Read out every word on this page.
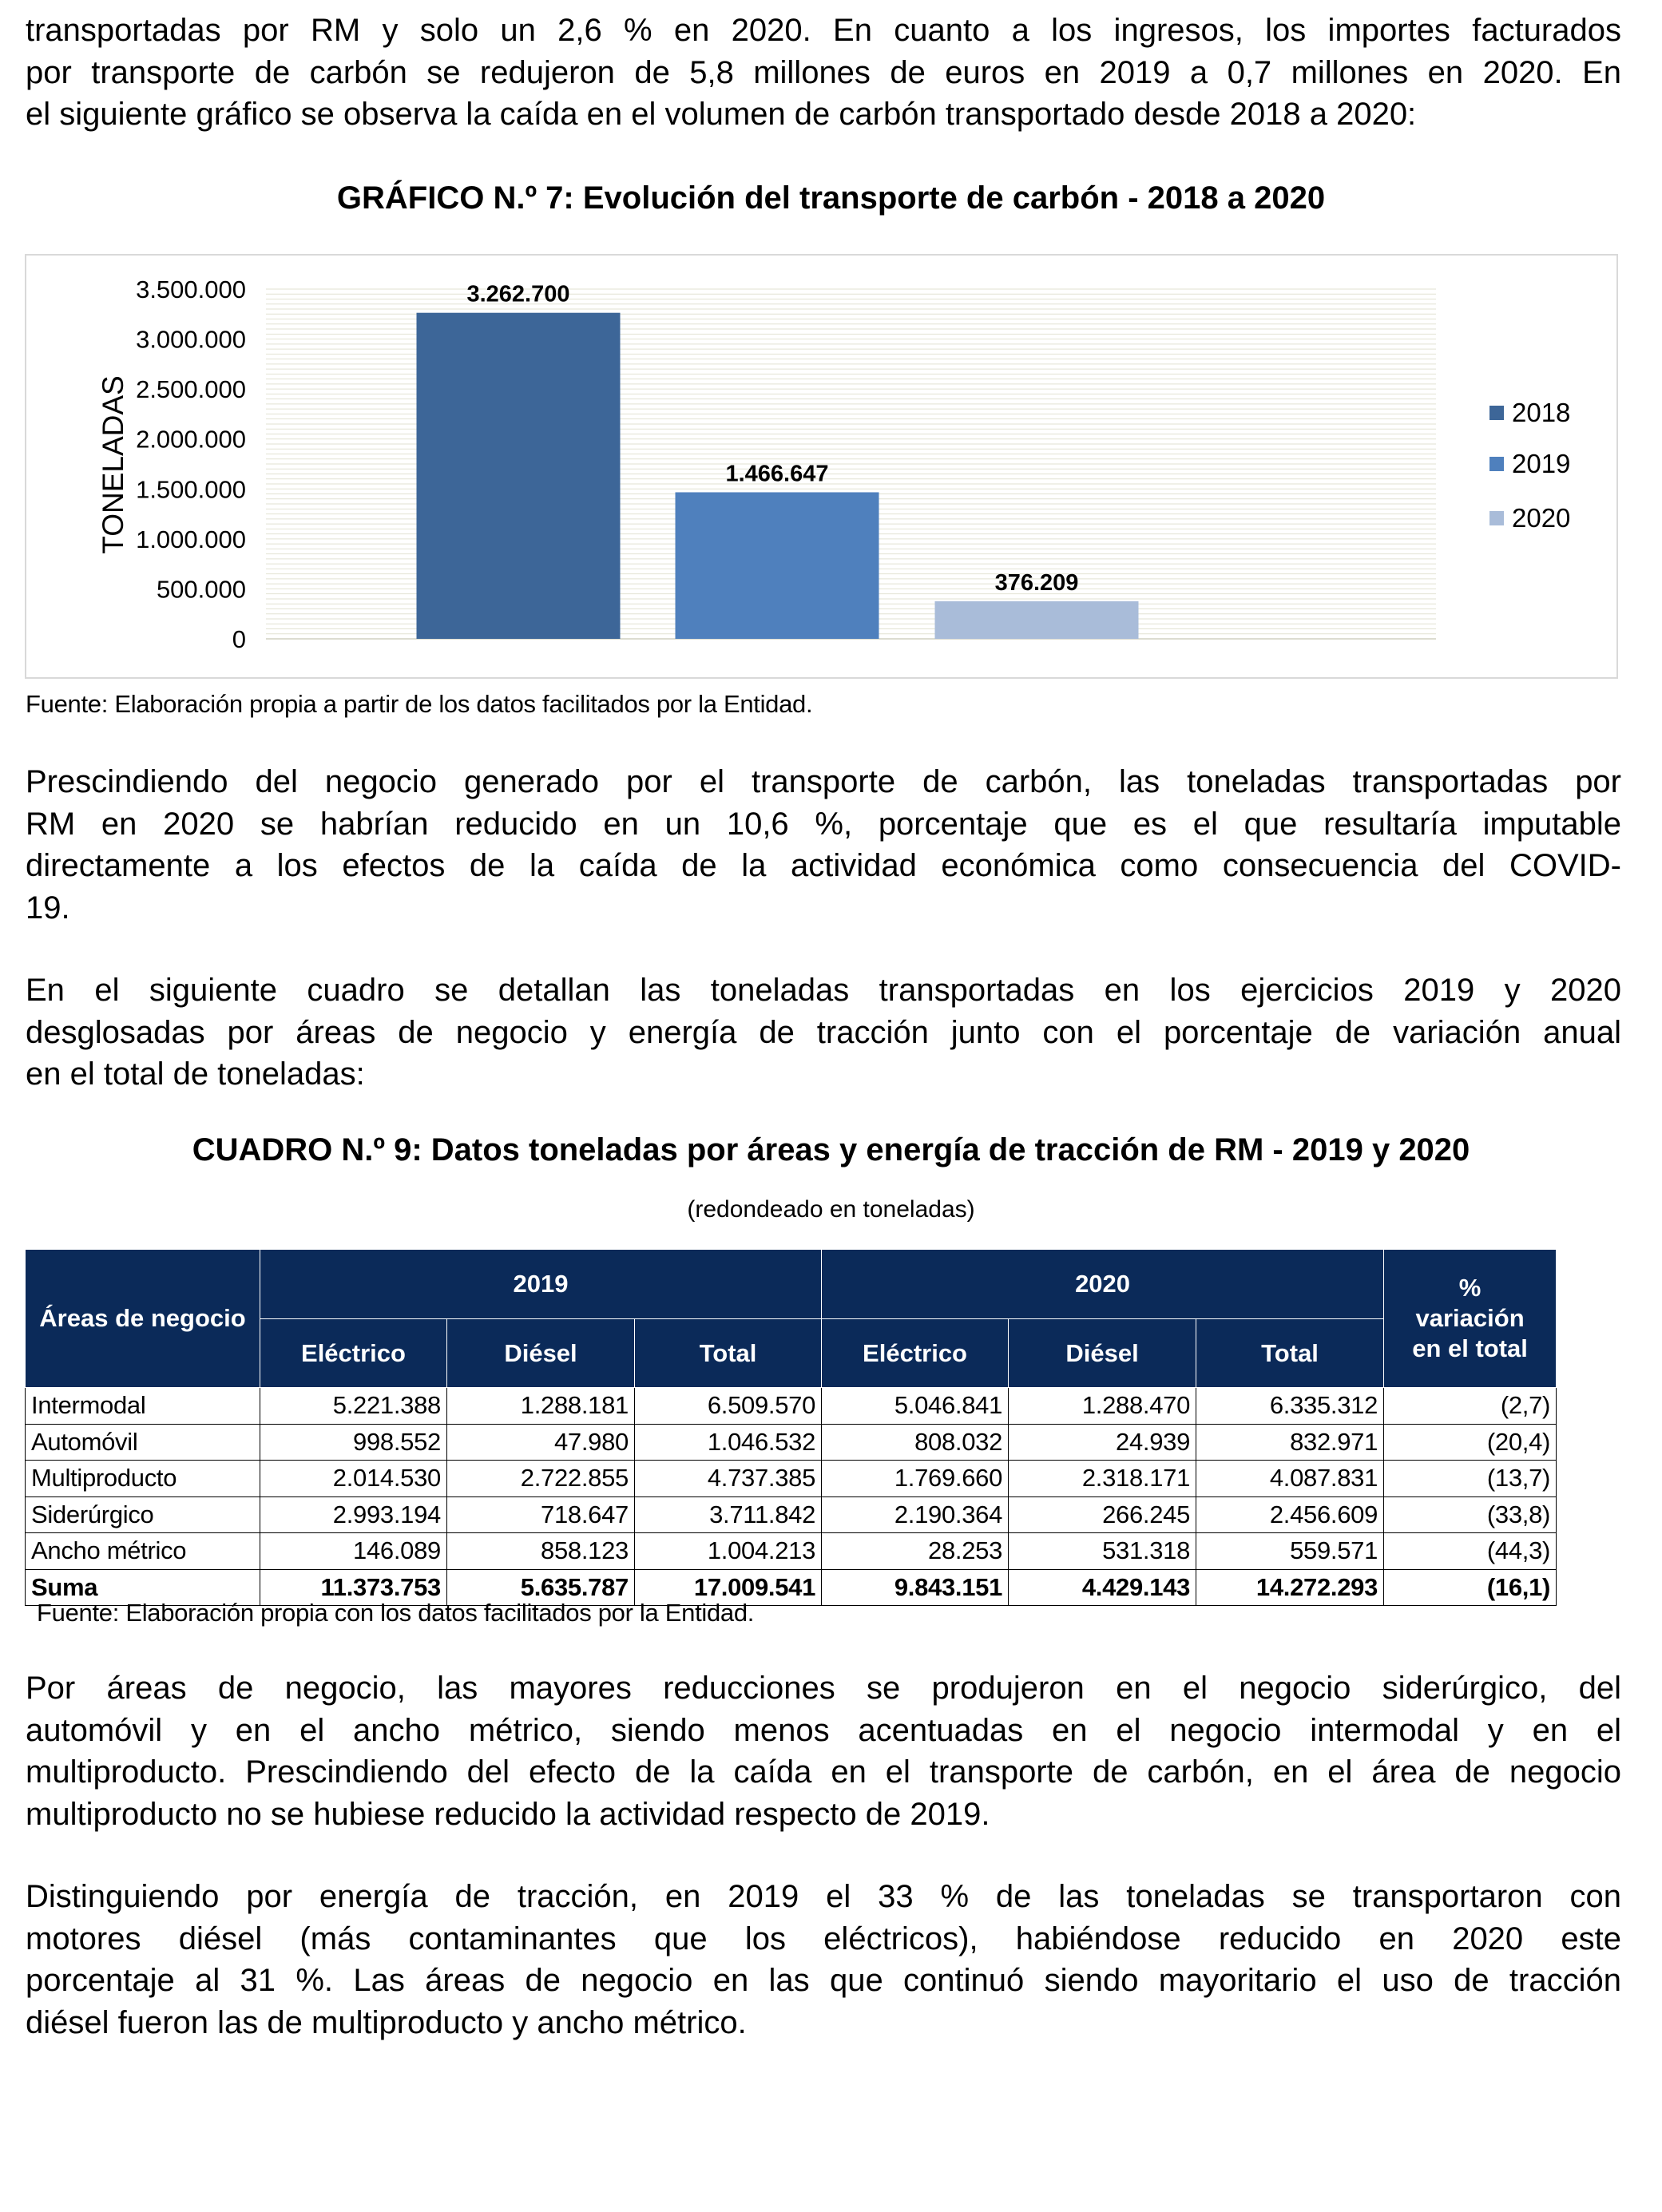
transportadas por RM y solo un 2,6 % en 2020. En cuanto a los ingresos, los importes facturados
por transporte de carbón se redujeron de 5,8 millones de euros en 2019 a 0,7 millones en 2020. En
el siguiente gráfico se observa la caída en el volumen de carbón transportado desde 2018 a 2020:
GRÁFICO N.º 7: Evolución del transporte de carbón - 2018 a 2020
0
500.000
1.000.000
1.500.000
2.000.000
2.500.000
3.000.000
3.500.000
TONELADAS
3.262.700
1.466.647
376.209
2018
2019
2020
Fuente: Elaboración propia a partir de los datos facilitados por la Entidad.
Prescindiendo del negocio generado por el transporte de carbón, las toneladas transportadas por
RM en 2020 se habrían reducido en un 10,6 %, porcentaje que es el que resultaría imputable
directamente a los efectos de la caída de la actividad económica como consecuencia del COVID-
19.
En el siguiente cuadro se detallan las toneladas transportadas en los ejercicios 2019 y 2020
desglosadas por áreas de negocio y energía de tracción junto con el porcentaje de variación anual
en el total de toneladas:
CUADRO N.º 9: Datos toneladas por áreas y energía de tracción de RM - 2019 y 2020
(redondeado en toneladas)
Áreas de negocio	2019			2020			%
variación
en el total
	Eléctrico	Diésel	Total	Eléctrico	Diésel	Total	
Intermodal	5.221.388	1.288.181	6.509.570	5.046.841	1.288.470	6.335.312	(2,7)
Automóvil	998.552	47.980	1.046.532	808.032	24.939	832.971	(20,4)
Multiproducto	2.014.530	2.722.855	4.737.385	1.769.660	2.318.171	4.087.831	(13,7)
Siderúrgico	2.993.194	718.647	3.711.842	2.190.364	266.245	2.456.609	(33,8)
Ancho métrico	146.089	858.123	1.004.213	28.253	531.318	559.571	(44,3)
Suma	11.373.753	5.635.787	17.009.541	9.843.151	4.429.143	14.272.293	(16,1)
Fuente: Elaboración propia con los datos facilitados por la Entidad.
Por áreas de negocio, las mayores reducciones se produjeron en el negocio siderúrgico, del
automóvil y en el ancho métrico, siendo menos acentuadas en el negocio intermodal y en el
multiproducto. Prescindiendo del efecto de la caída en el transporte de carbón, en el área de negocio
multiproducto no se hubiese reducido la actividad respecto de 2019.
Distinguiendo por energía de tracción, en 2019 el 33 % de las toneladas se transportaron con
motores diésel (más contaminantes que los eléctricos), habiéndose reducido en 2020 este
porcentaje al 31 %. Las áreas de negocio en las que continuó siendo mayoritario el uso de tracción
diésel fueron las de multiproducto y ancho métrico.
